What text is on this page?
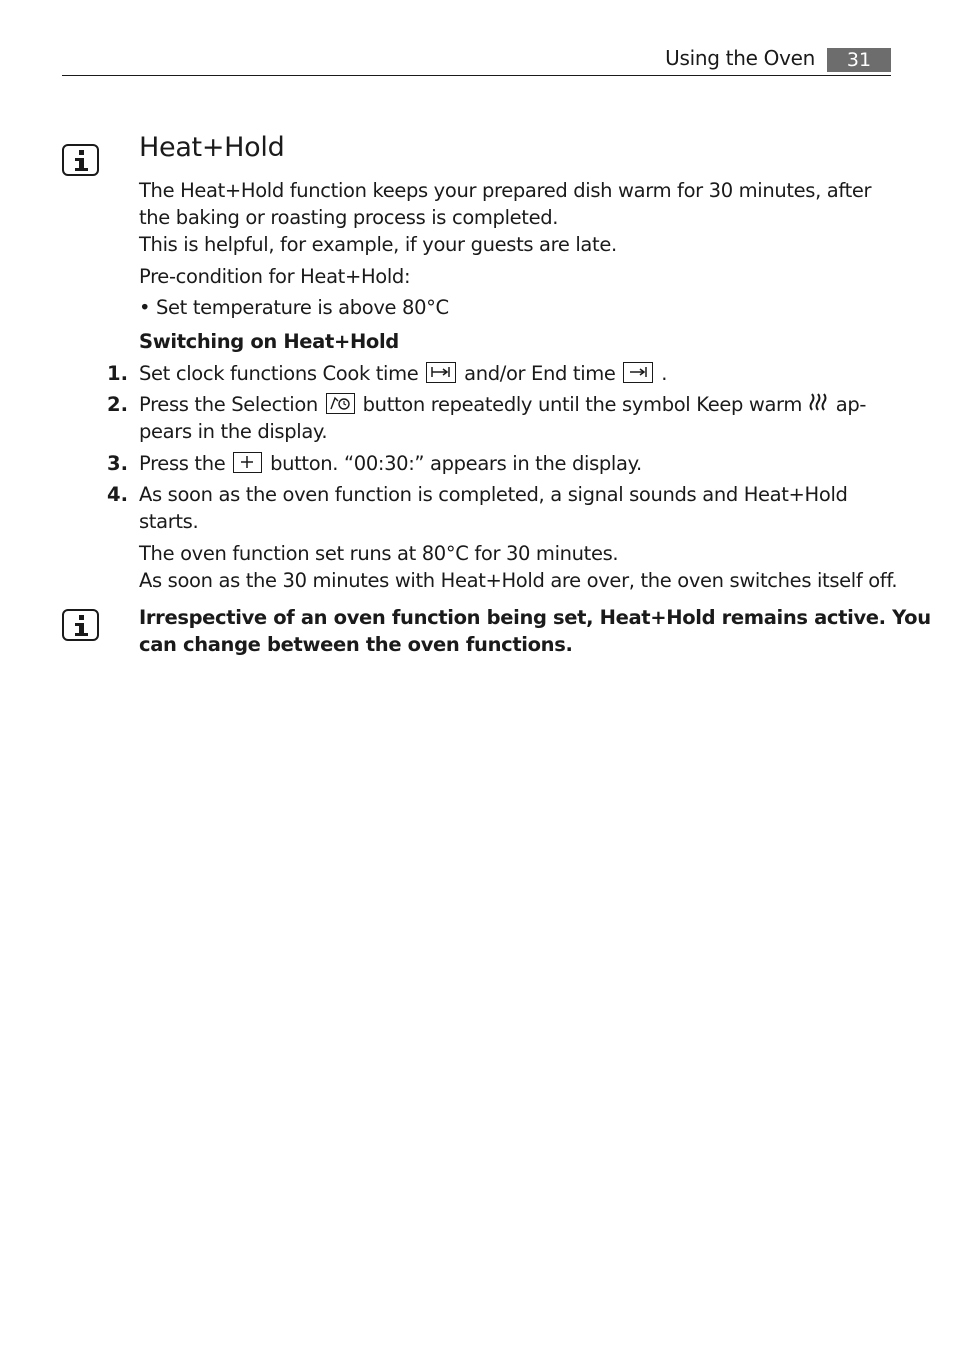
Using the Oven	31
Heat+Hold
The Heat+Hold function keeps your prepared dish warm for 30 minutes, after
the baking or roasting process is completed.
This is helpful, for example, if your guests are late.
Pre-condition for Heat+Hold:
• Set temperature is above 80°C
Switching on Heat+Hold
1. Set clock functions Cook time and/or End time .
2. Press the Selection button repeatedly until the symbol Keep warm ap-
pears in the display.
3. Press the button. “00:30:” appears in the display.
4. As soon as the oven function is completed, a signal sounds and Heat+Hold
starts.
The oven function set runs at 80°C for 30 minutes.
As soon as the 30 minutes with Heat+Hold are over, the oven switches itself off.
Irrespective of an oven function being set, Heat+Hold remains active. You
can change between the oven functions.
